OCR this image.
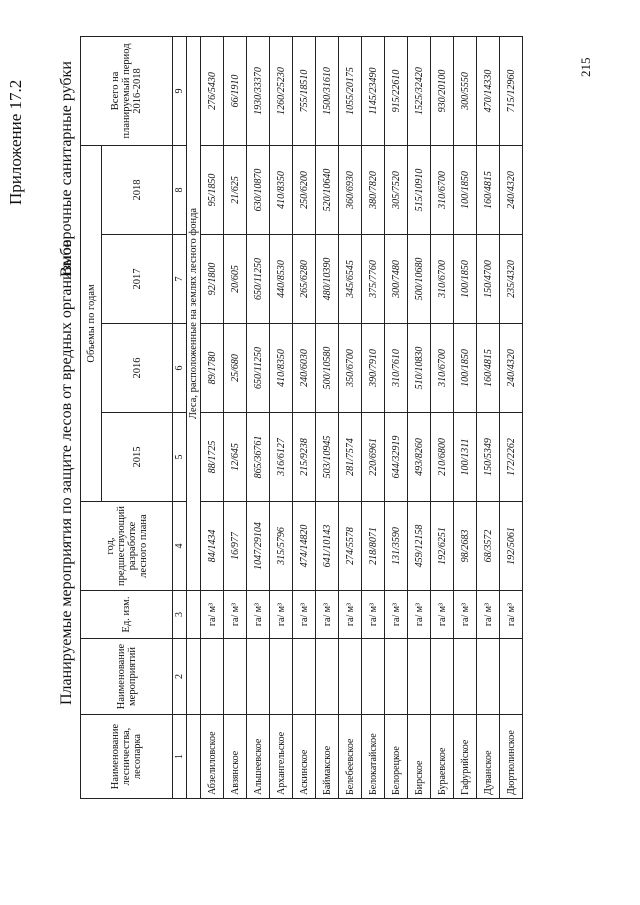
Приложение 17.2
Планируемые мероприятия по защите лесов от вредных организмов
Выборочные санитарные рубки
Наименование лесничества, лесопарка	Наименование мероприятий	Ед. изм.	год, предшествующий разработке лесного плана	Объемы по годам				Всего на планируемый период 2016-2018
				2015	2016	2017	2018	
1	2	3	4	5	6	7	8	9
			Леса, расположенные на землях лесного фонда					
Абзелиловское		га/ м³	84/1434	88/1725	89/1780	92/1800	95/1850	276/5430
Авзянское		га/ м³	16/977	12/645	25/680	20/605	21/625	66/1910
Альшеевское		га/ м³	1047/29104	865/36761	650/11250	650/11250	630/10870	1930/33370
Архангельское		га/ м³	315/5796	316/6127	410/8350	440/8530	410/8350	1260/25230
Аскинское		га/ м³	474/14820	215/9238	240/6030	265/6280	250/6200	755/18510
Баймакское		га/ м³	641/10143	503/10945	500/10580	480/10390	520/10640	1500/31610
Белебеевское		га/ м³	274/5578	281/7574	350/6700	345/6545	360/6930	1055/20175
Белокатайское		га/ м³	218/8071	220/6961	390/7910	375/7760	380/7820	1145/23490
Белорецкое		га/ м³	131/3590	644/32919	310/7610	300/7480	305/7520	915/22610
Бирское		га/ м³	459/12158	493/8260	510/10830	500/10680	515/10910	1525/32420
Бураевское		га/ м³	192/6251	210/6800	310/6700	310/6700	310/6700	930/20100
Гафурийское		га/ м³	98/2683	100/1311	100/1850	100/1850	100/1850	300/5550
Дуванское		га/ м³	68/3572	150/5349	160/4815	150/4700	160/4815	470/14330
Дюртюлинское		га/ м³	192/5061	172/2262	240/4320	235/4320	240/4320	715/12960
215
